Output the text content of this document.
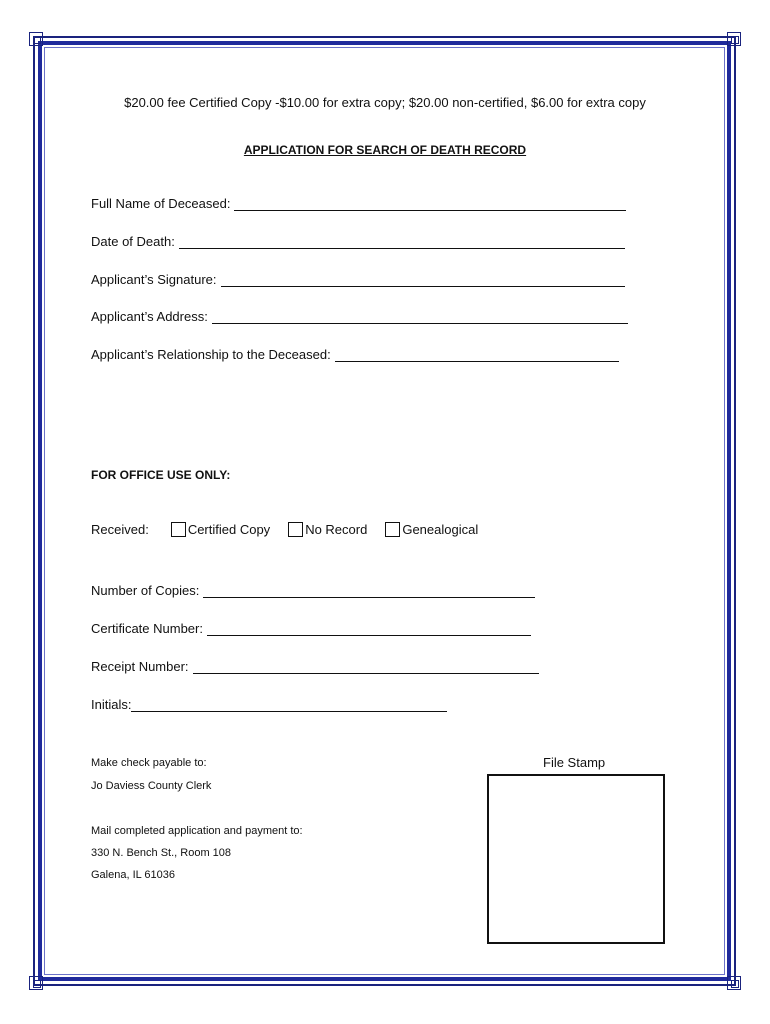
$20.00 fee Certified Copy -$10.00 for extra copy; $20.00 non-certified, $6.00 for extra copy
APPLICATION FOR SEARCH OF DEATH RECORD
Full Name of Deceased:
Date of Death:
Applicant’s Signature:
Applicant’s Address:
Applicant’s Relationship to the Deceased:
FOR OFFICE USE ONLY:
Received:	Certified Copy	No Record	Genealogical
Number of Copies:
Certificate Number:
Receipt Number:
Initials:
Make check payable to:
Jo Daviess County Clerk
Mail completed application and payment to:
330 N. Bench St., Room 108
Galena, IL 61036
File Stamp
